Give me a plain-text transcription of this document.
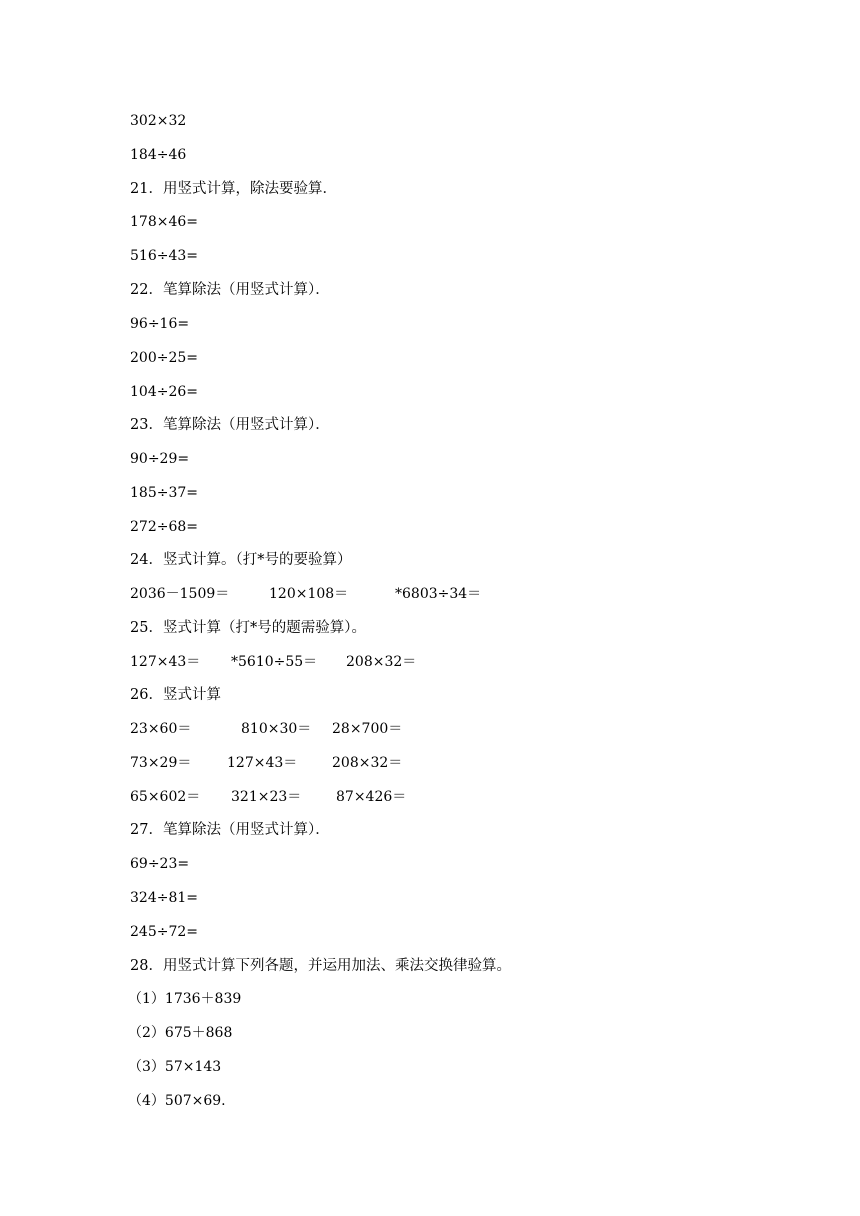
302×32
184÷46
21．用竖式计算，除法要验算．
178×46=
516÷43=
22．笔算除法（用竖式计算）．
96÷16=
200÷25=
104÷26=
23．笔算除法（用竖式计算）．
90÷29=
185÷37=
272÷68=
24．竖式计算。（打*号的要验算）
2036－1509＝	120×108＝	*6803÷34＝
25．竖式计算（打*号的题需验算）。
127×43＝ *5610÷55＝ 208×32＝
26．竖式计算
23×60＝	810×30＝ 28×700＝
73×29＝	127×43＝ 208×32＝
65×602＝ 321×23＝ 87×426＝
27．笔算除法（用竖式计算）．
69÷23=
324÷81=
245÷72=
28．用竖式计算下列各题，并运用加法、乘法交换律验算。
（1）1736＋839
（2）675＋868
（3）57×143
（4）507×69.
